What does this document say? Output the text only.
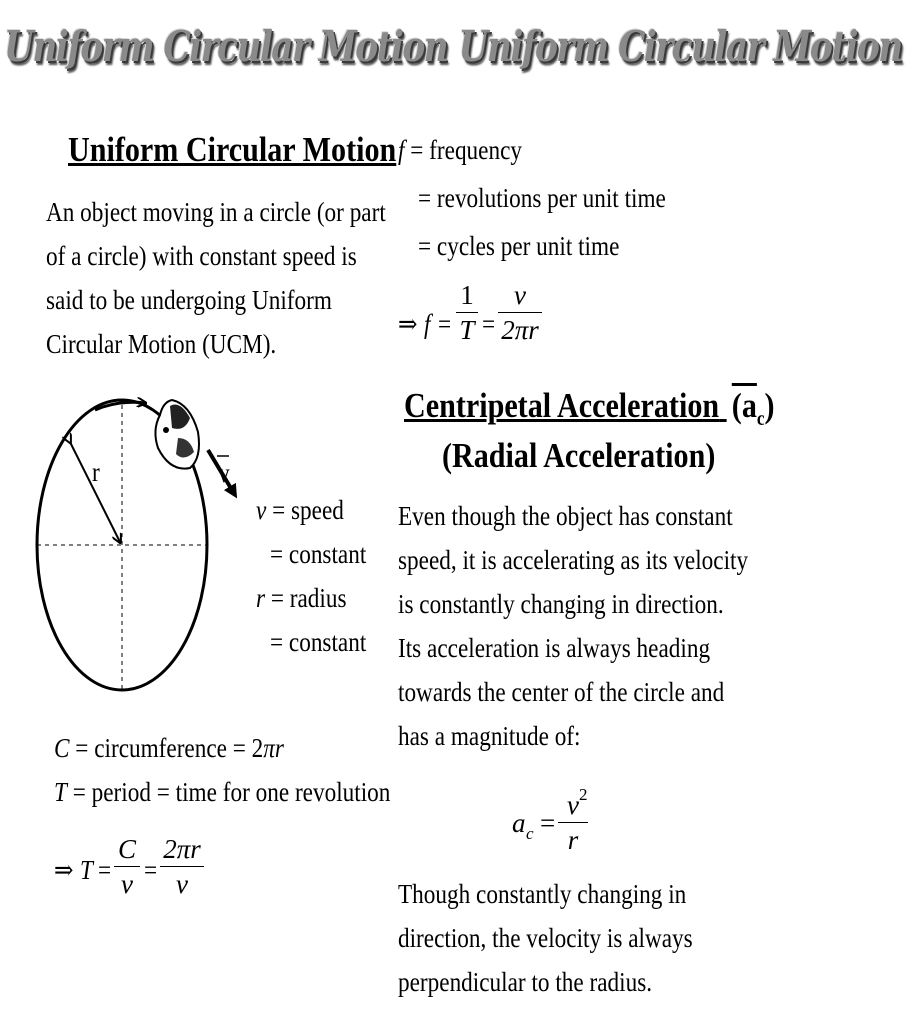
Uniform Circular Motion Uniform Circular Motion
Uniform Circular Motion
An object moving in a circle (or part
of a circle) with constant speed is
said to be undergoing Uniform
Circular Motion (UCM).
r	v
v = speed
= constant
r = radius
= constant
C = circumference = 2πr
T = period = time for one revolution
⇒ T =
C
v =
2πr
v
f = frequency
= revolutions per unit time
= cycles per unit time
⇒ f =
1
T =
v
2πr
Centripetal Acceleration $(a_c)$
(Radial Acceleration)
Even though the object has constant
speed, it is accelerating as its velocity
is constantly changing in direction.
Its acceleration is always heading
towards the center of the circle and
has a magnitude of:
a c =
v 2
r
Though constantly changing in
direction, the velocity is always
perpendicular to the radius.
